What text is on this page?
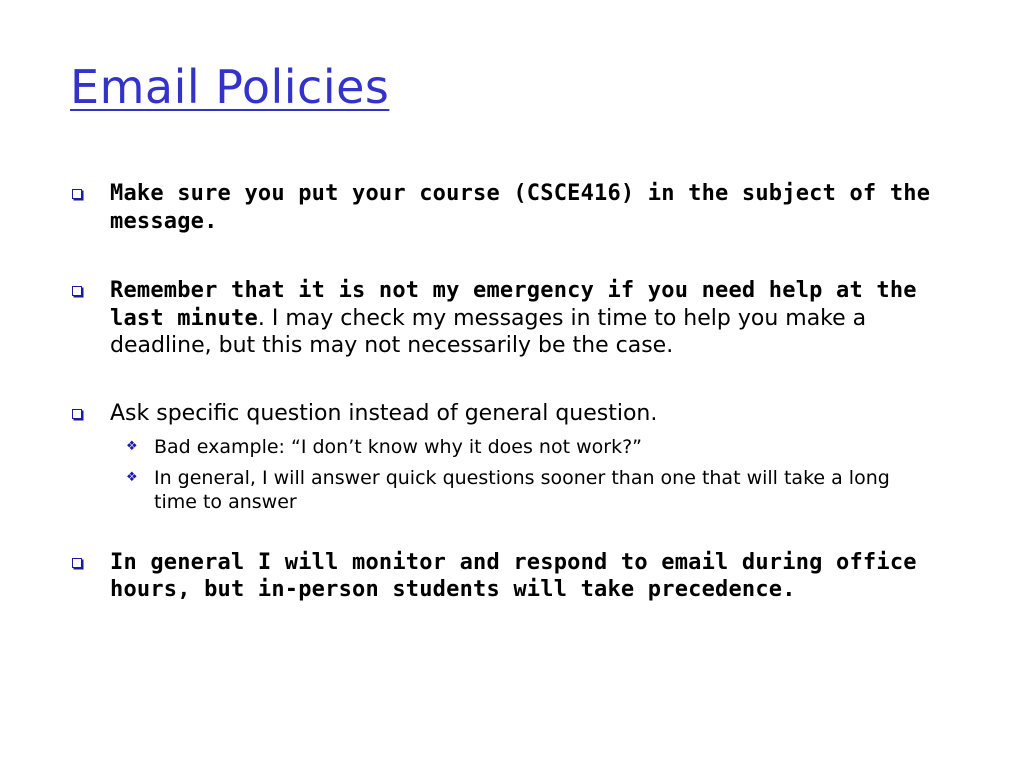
Email Policies

Make sure you put your course (CSCE416) in the subject of the message.

Remember that it is not my emergency if you need help at the last minute. I may check my messages in time to help you make a deadline, but this may not necessarily be the case.

Ask specific question instead of general question.

❖ Bad example: “I don’t know why it does not work?”

❖ In general, I will answer quick questions sooner than one that will take a long time to answer

In general I will monitor and respond to email during office hours, but in-person students will take precedence.
